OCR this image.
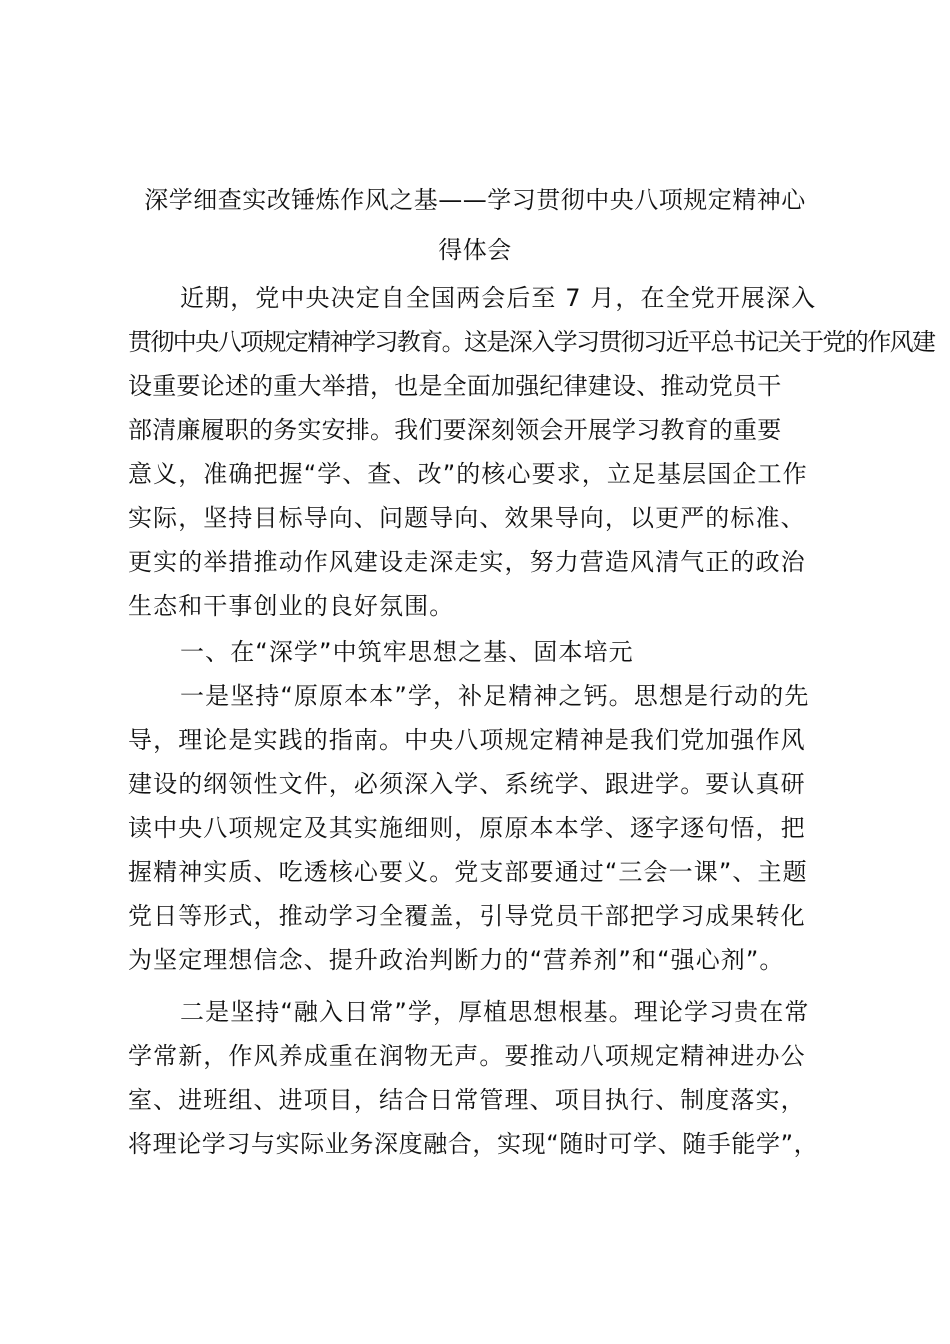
深学细查实改锤炼作风之基——学习贯彻中央八项规定精神心
得体会
近期，党中央决定自全国两会后至 7 月，在全党开展深入
贯彻中央八项规定精神学习教育。这是深入学习贯彻习近平总书记关于党的作风建
设重要论述的重大举措，也是全面加强纪律建设、推动党员干
部清廉履职的务实安排。我们要深刻领会开展学习教育的重要
意义，准确把握“学、查、改”的核心要求，立足基层国企工作
实际，坚持目标导向、问题导向、效果导向，以更严的标准、
更实的举措推动作风建设走深走实，努力营造风清气正的政治
生态和干事创业的良好氛围。
一、在“深学”中筑牢思想之基、固本培元
一是坚持“原原本本”学，补足精神之钙。思想是行动的先
导，理论是实践的指南。中央八项规定精神是我们党加强作风
建设的纲领性文件，必须深入学、系统学、跟进学。要认真研
读中央八项规定及其实施细则，原原本本学、逐字逐句悟，把
握精神实质、吃透核心要义。党支部要通过“三会一课”、主题
党日等形式，推动学习全覆盖，引导党员干部把学习成果转化
为坚定理想信念、提升政治判断力的“营养剂”和“强心剂”。
二是坚持“融入日常”学，厚植思想根基。理论学习贵在常
学常新，作风养成重在润物无声。要推动八项规定精神进办公
室、进班组、进项目，结合日常管理、项目执行、制度落实，
将理论学习与实际业务深度融合，实现“随时可学、随手能学”，
